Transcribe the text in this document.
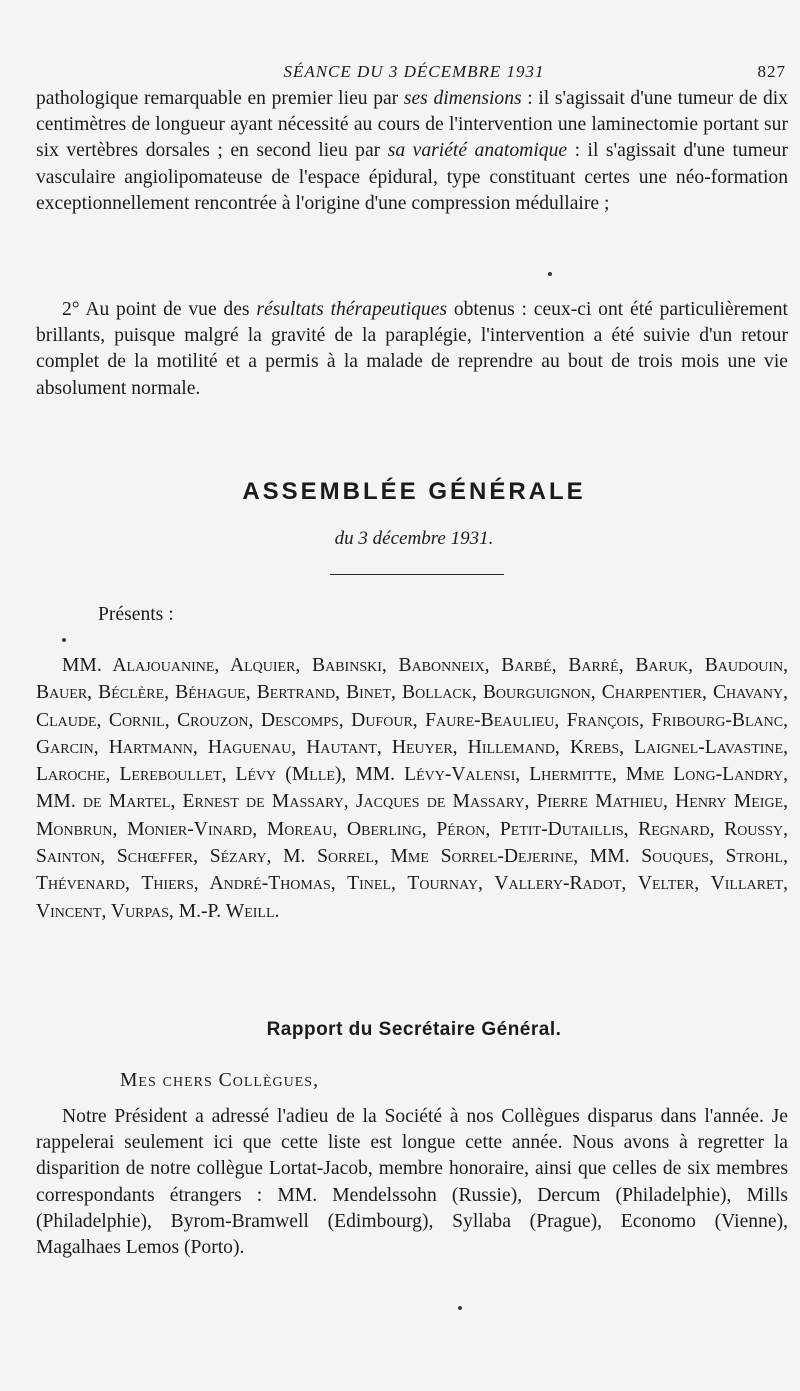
SÉANCE DU 3 DÉCEMBRE 1931	827

pathologique remarquable en premier lieu par ses dimensions : il s'agissait d'une tumeur de dix centimètres de longueur ayant nécessité au cours de l'intervention une laminectomie portant sur six vertèbres dorsales ; en second lieu par sa variété anatomique : il s'agissait d'une tumeur vasculaire angiolipomateuse de l'espace épidural, type constituant certes une néo-formation exceptionnellement rencontrée à l'origine d'une compression médullaire ;

2° Au point de vue des résultats thérapeutiques obtenus : ceux-ci ont été particulièrement brillants, puisque malgré la gravité de la paraplégie, l'intervention a été suivie d'un retour complet de la motilité et a permis à la malade de reprendre au bout de trois mois une vie absolument normale.

ASSEMBLÉE GÉNÉRALE
du 3 décembre 1931.
Présents :

MM. Alajouanine, Alquier, Babinski, Babonneix, Barbé, Barré, Baruk, Baudouin, Bauer, Béclère, Béhague, Bertrand, Binet, Bollack, Bourguignon, Charpentier, Chavany, Claude, Cornil, Crouzon, Descomps, Dufour, Faure-Beaulieu, François, Fribourg-Blanc, Garcin, Hartmann, Haguenau, Hautant, Heuyer, Hillemand, Krebs, Laignel-Lavastine, Laroche, Lereboullet, Lévy (Mlle), MM. Lévy-Valensi, Lhermitte, Mme Long-Landry, MM. de Martel, Ernest de Massary, Jacques de Massary, Pierre Mathieu, Henry Meige, Monbrun, Monier-Vinard, Moreau, Oberling, Péron, Petit-Dutaillis, Regnard, Roussy, Sainton, Schœffer, Sézary, M. Sorrel, Mme Sorrel-Dejerine, MM. Souques, Strohl, Thévenard, Thiers, André-Thomas, Tinel, Tournay, Vallery-Radot, Velter, Villaret, Vincent, Vurpas, M.-P. Weill.

Rapport du Secrétaire Général.
Mes chers Collègues,

Notre Président a adressé l'adieu de la Société à nos Collègues disparus dans l'année. Je rappelerai seulement ici que cette liste est longue cette année. Nous avons à regretter la disparition de notre collègue Lortat-Jacob, membre honoraire, ainsi que celles de six membres correspondants étrangers : MM. Mendelssohn (Russie), Dercum (Philadelphie), Mills (Philadelphie), Byrom-Bramwell (Edimbourg), Syllaba (Prague), Economo (Vienne), Magalhaes Lemos (Porto).
